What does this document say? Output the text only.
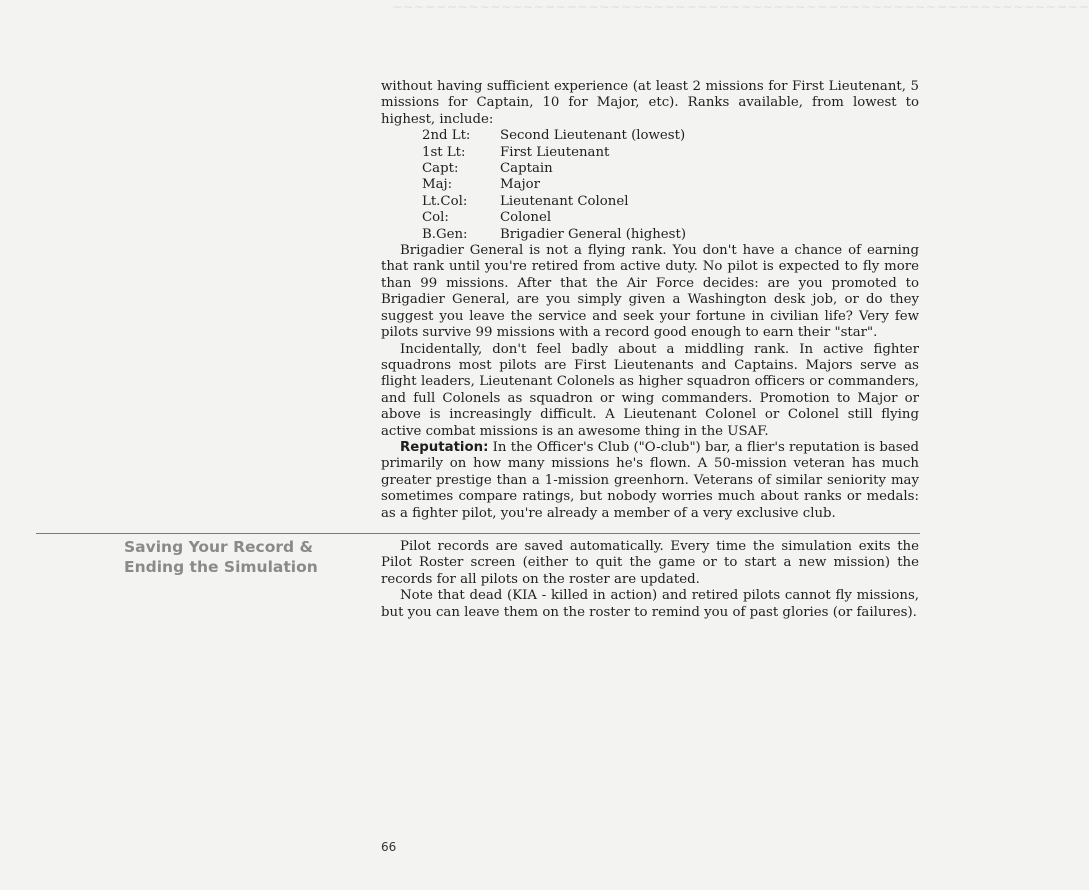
~~~~~~~~~~~~~~~~~~~~~~~~~~~~~~~~~~~~~~~~~~~~~~~~~~~~~~~~~~~~~~~~

without having sufficient experience (at least 2 missions for First Lieutenant, 5 missions for Captain, 10 for Major, etc). Ranks available, from lowest to highest, include:

2nd Lt:	Second Lieutenant (lowest)
1st Lt:	First Lieutenant
Capt:	Captain
Maj:	Major
Lt.Col:	Lieutenant Colonel
Col:	Colonel
B.Gen:	Brigadier General (highest)

Brigadier General is not a flying rank. You don't have a chance of earning that rank until you're retired from active duty. No pilot is expected to fly more than 99 missions. After that the Air Force decides: are you promoted to Brigadier General, are you simply given a Washington desk job, or do they suggest you leave the service and seek your fortune in civilian life? Very few pilots survive 99 missions with a record good enough to earn their "star".

Incidentally, don't feel badly about a middling rank. In active fighter squadrons most pilots are First Lieutenants and Captains. Majors serve as flight leaders, Lieutenant Colonels as higher squadron officers or commanders, and full Colonels as squadron or wing commanders. Promotion to Major or above is increasingly difficult. A Lieutenant Colonel or Colonel still flying active combat missions is an awesome thing in the USAF.

Reputation: In the Officer's Club ("O-club") bar, a flier's reputation is based primarily on how many missions he's flown. A 50-mission veteran has much greater prestige than a 1-mission greenhorn. Veterans of similar seniority may sometimes compare ratings, but nobody worries much about ranks or medals: as a fighter pilot, you're already a member of a very exclusive club.

Saving Your Record & Ending the Simulation

Pilot records are saved automatically. Every time the simulation exits the Pilot Roster screen (either to quit the game or to start a new mission) the records for all pilots on the roster are updated.

Note that dead (KIA - killed in action) and retired pilots cannot fly missions, but you can leave them on the roster to remind you of past glories (or failures).

66
